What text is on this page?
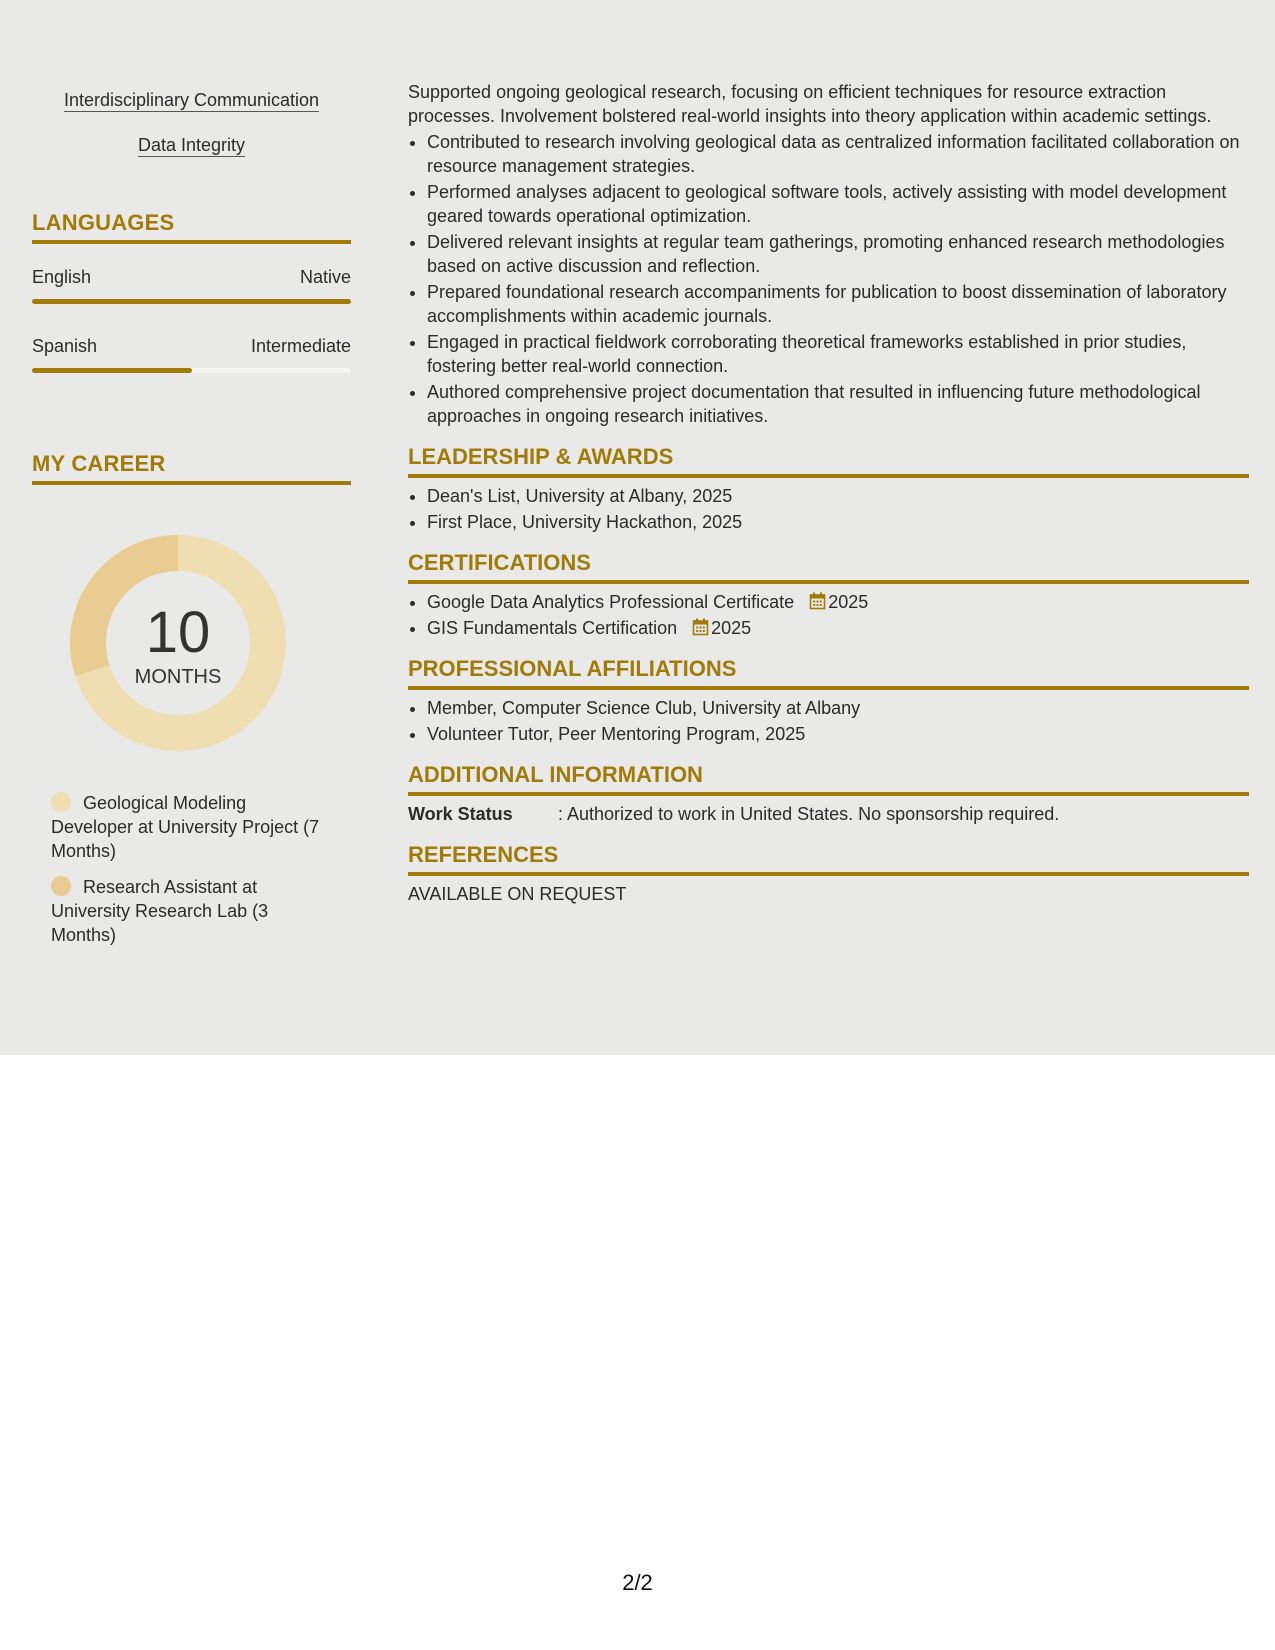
Interdisciplinary Communication
Data Integrity
LANGUAGES
English	Native
Spanish	Intermediate
MY CAREER
10
MONTHS
Geological Modeling Developer at University Project (7 Months)
Research Assistant at University Research Lab (3 Months)

Supported ongoing geological research, focusing on efficient techniques for resource extraction processes. Involvement bolstered real-world insights into theory application within academic settings.

• Contributed to research involving geological data as centralized information facilitated collaboration on resource management strategies.
• Performed analyses adjacent to geological software tools, actively assisting with model development geared towards operational optimization.
• Delivered relevant insights at regular team gatherings, promoting enhanced research methodologies based on active discussion and reflection.
• Prepared foundational research accompaniments for publication to boost dissemination of laboratory accomplishments within academic journals.
• Engaged in practical fieldwork corroborating theoretical frameworks established in prior studies, fostering better real-world connection.
• Authored comprehensive project documentation that resulted in influencing future methodological approaches in ongoing research initiatives.
LEADERSHIP & AWARDS
• Dean's List, University at Albany, 2025
• First Place, University Hackathon, 2025
CERTIFICATIONS
• Google Data Analytics Professional Certificate 2025
• GIS Fundamentals Certification 2025
PROFESSIONAL AFFILIATIONS
• Member, Computer Science Club, University at Albany
• Volunteer Tutor, Peer Mentoring Program, 2025
ADDITIONAL INFORMATION
Work Status	: Authorized to work in United States. No sponsorship required.
REFERENCES
AVAILABLE ON REQUEST
2/2
